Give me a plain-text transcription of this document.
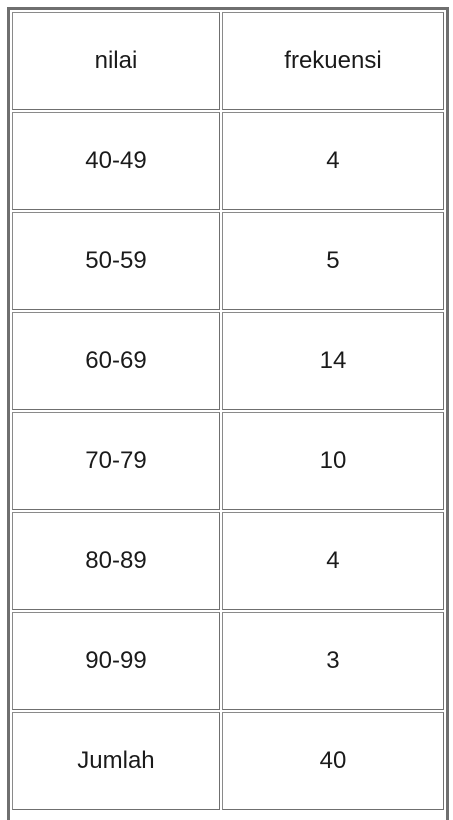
nilai	frekuensi
40-49	4
50-59	5
60-69	14
70-79	10
80-89	4
90-99	3
Jumlah	40
